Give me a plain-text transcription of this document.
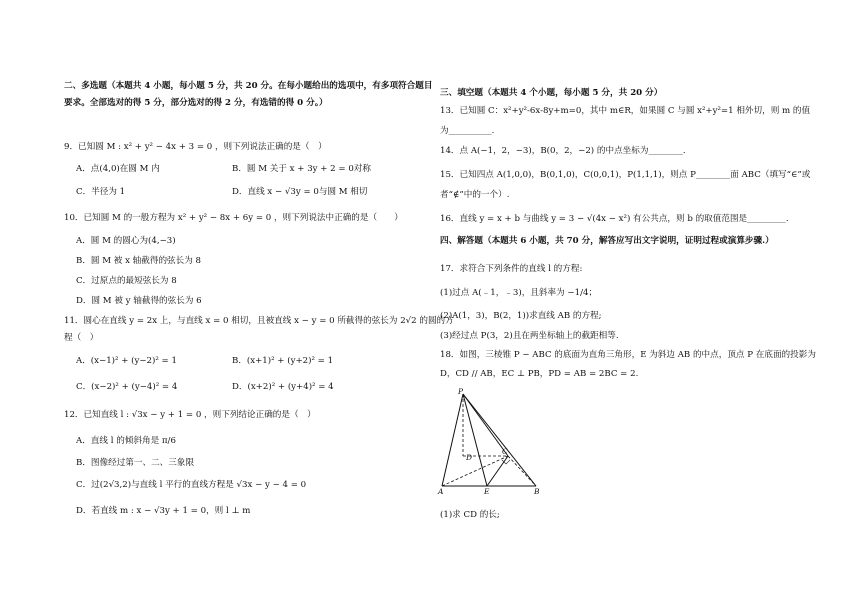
二、多选题（本题共 4 小题，每小题 5 分，共 20 分。在每小题给出的选项中，有多项符合题目
要求。全部选对的得 5 分，部分选对的得 2 分，有选错的得 0 分。）
9．已知圆 M : x² + y² − 4x + 3 = 0 ，则下列说法正确的是（　）
A．点(4,0)在圆 M 内	B．圆 M 关于 x + 3y + 2 = 0对称
C．半径为 1	D．直线 x − √3y = 0与圆 M 相切
10．已知圆 M 的一般方程为 x² + y² − 8x + 6y = 0 ，则下列说法中正确的是（　　）
A．圆 M 的圆心为(4,−3)
B．圆 M 被 x 轴截得的弦长为 8
C．过原点的最短弦长为 8
D．圆 M 被 y 轴截得的弦长为 6
11．圆心在直线 y = 2x 上，与直线 x = 0 相切，且被直线 x − y = 0 所截得的弦长为 2√2 的圆的方
程（　）
A．(x−1)² + (y−2)² = 1	B．(x+1)² + (y+2)² = 1
C．(x−2)² + (y−4)² = 4	D．(x+2)² + (y+4)² = 4
12．已知直线 l : √3x − y + 1 = 0 ，则下列结论正确的是（　）
A．直线 l 的倾斜角是 π/6
B．图像经过第一、二、三象限
C．过(2√3,2)与直线 l 平行的直线方程是 √3x − y − 4 = 0
D．若直线 m : x − √3y + 1 = 0，则 l ⊥ m
三、填空题（本题共 4 个小题，每小题 5 分，共 20 分）
13．已知圆 C：x²+y²-6x-8y+m=0，其中 m∈R，如果圆 C 与圆 x²+y²=1 相外切，则 m 的值
为__________.
14．点 A(−1，2，−3)，B(0，2，−2) 的中点坐标为________.
15．已知四点 A(1,0,0)，B(0,1,0)，C(0,0,1)，P(1,1,1)，则点 P________面 ABC（填写“∈”或
者“∉”中的一个）.
16．直线 y = x + b 与曲线 y = 3 − √(4x − x²) 有公共点，则 b 的取值范围是_________.
四、解答题（本题共 6 小题，共 70 分，解答应写出文字说明，证明过程或演算步骤.）
17．求符合下列条件的直线 l 的方程:
(1)过点 A(﹣1，﹣3)，且斜率为 −1/4；
(2)A(1，3)，B(2，1))求直线 AB 的方程;
(3)经过点 P(3，2)且在两坐标轴上的截距相等.
18．如图，三棱锥 P − ABC 的底面为直角三角形，E 为斜边 AB 的中点，顶点 P 在底面的投影为
D，CD // AB，EC ⊥ PB，PD = AB = 2BC = 2.
P
D
C
A	E	B
(1)求 CD 的长;
